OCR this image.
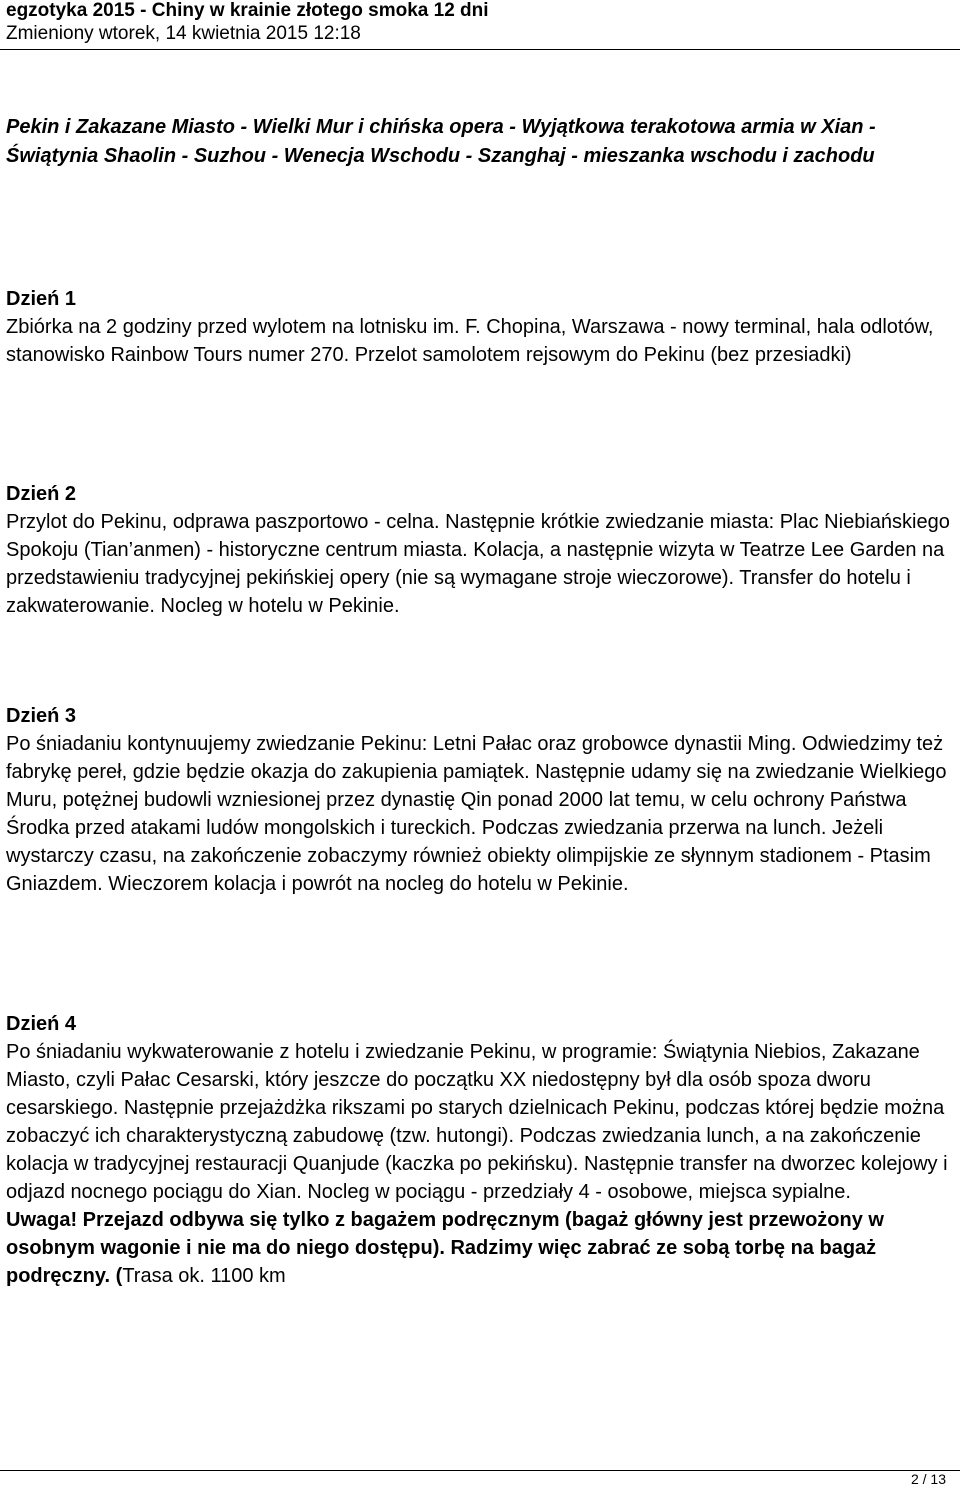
egzotyka 2015 - Chiny w krainie złotego smoka 12 dni
Zmieniony wtorek, 14 kwietnia 2015 12:18
Pekin i Zakazane Miasto - Wielki Mur i chińska opera - Wyjątkowa terakotowa armia w Xian - Świątynia Shaolin - Suzhou - Wenecja Wschodu - Szanghaj - mieszanka wschodu i zachodu
Dzień 1
Zbiórka na 2 godziny przed wylotem na lotnisku im. F. Chopina, Warszawa - nowy terminal, hala odlotów, stanowisko Rainbow Tours numer 270. Przelot samolotem rejsowym do Pekinu (bez przesiadki)
Dzień 2
Przylot do Pekinu, odprawa paszportowo - celna. Następnie krótkie zwiedzanie miasta: Plac Niebiańskiego Spokoju (Tian’anmen) - historyczne centrum miasta. Kolacja, a następnie wizyta w Teatrze Lee Garden na przedstawieniu tradycyjnej pekińskiej opery (nie są wymagane stroje wieczorowe). Transfer do hotelu i zakwaterowanie. Nocleg w hotelu w Pekinie.
Dzień 3
Po śniadaniu kontynuujemy zwiedzanie Pekinu: Letni Pałac oraz grobowce dynastii Ming. Odwiedzimy też fabrykę pereł, gdzie będzie okazja do zakupienia pamiątek. Następnie udamy się na zwiedzanie Wielkiego Muru, potężnej budowli wzniesionej przez dynastię Qin ponad 2000 lat temu, w celu ochrony Państwa Środka przed atakami ludów mongolskich i tureckich. Podczas zwiedzania przerwa na lunch. Jeżeli wystarczy czasu, na zakończenie zobaczymy również obiekty olimpijskie ze słynnym stadionem - Ptasim Gniazdem. Wieczorem kolacja i powrót na nocleg do hotelu w Pekinie.
Dzień 4
Po śniadaniu wykwaterowanie z hotelu i zwiedzanie Pekinu, w programie: Świątynia Niebios, Zakazane Miasto, czyli Pałac Cesarski, który jeszcze do początku XX niedostępny był dla osób spoza dworu cesarskiego. Następnie przejażdżka rikszami po starych dzielnicach Pekinu, podczas której będzie można zobaczyć ich charakterystyczną zabudowę (tzw. hutongi). Podczas zwiedzania lunch, a na zakończenie kolacja w tradycyjnej restauracji Quanjude (kaczka po pekińsku). Następnie transfer na dworzec kolejowy i odjazd nocnego pociągu do Xian. Nocleg w pociągu - przedziały 4 - osobowe, miejsca sypialne.
Uwaga! Przejazd odbywa się tylko z bagażem podręcznym (bagaż główny jest przewożony w osobnym wagonie i nie ma do niego dostępu). Radzimy więc zabrać ze sobą torbę na bagaż podręczny. (Trasa ok. 1100 km
2 / 13
